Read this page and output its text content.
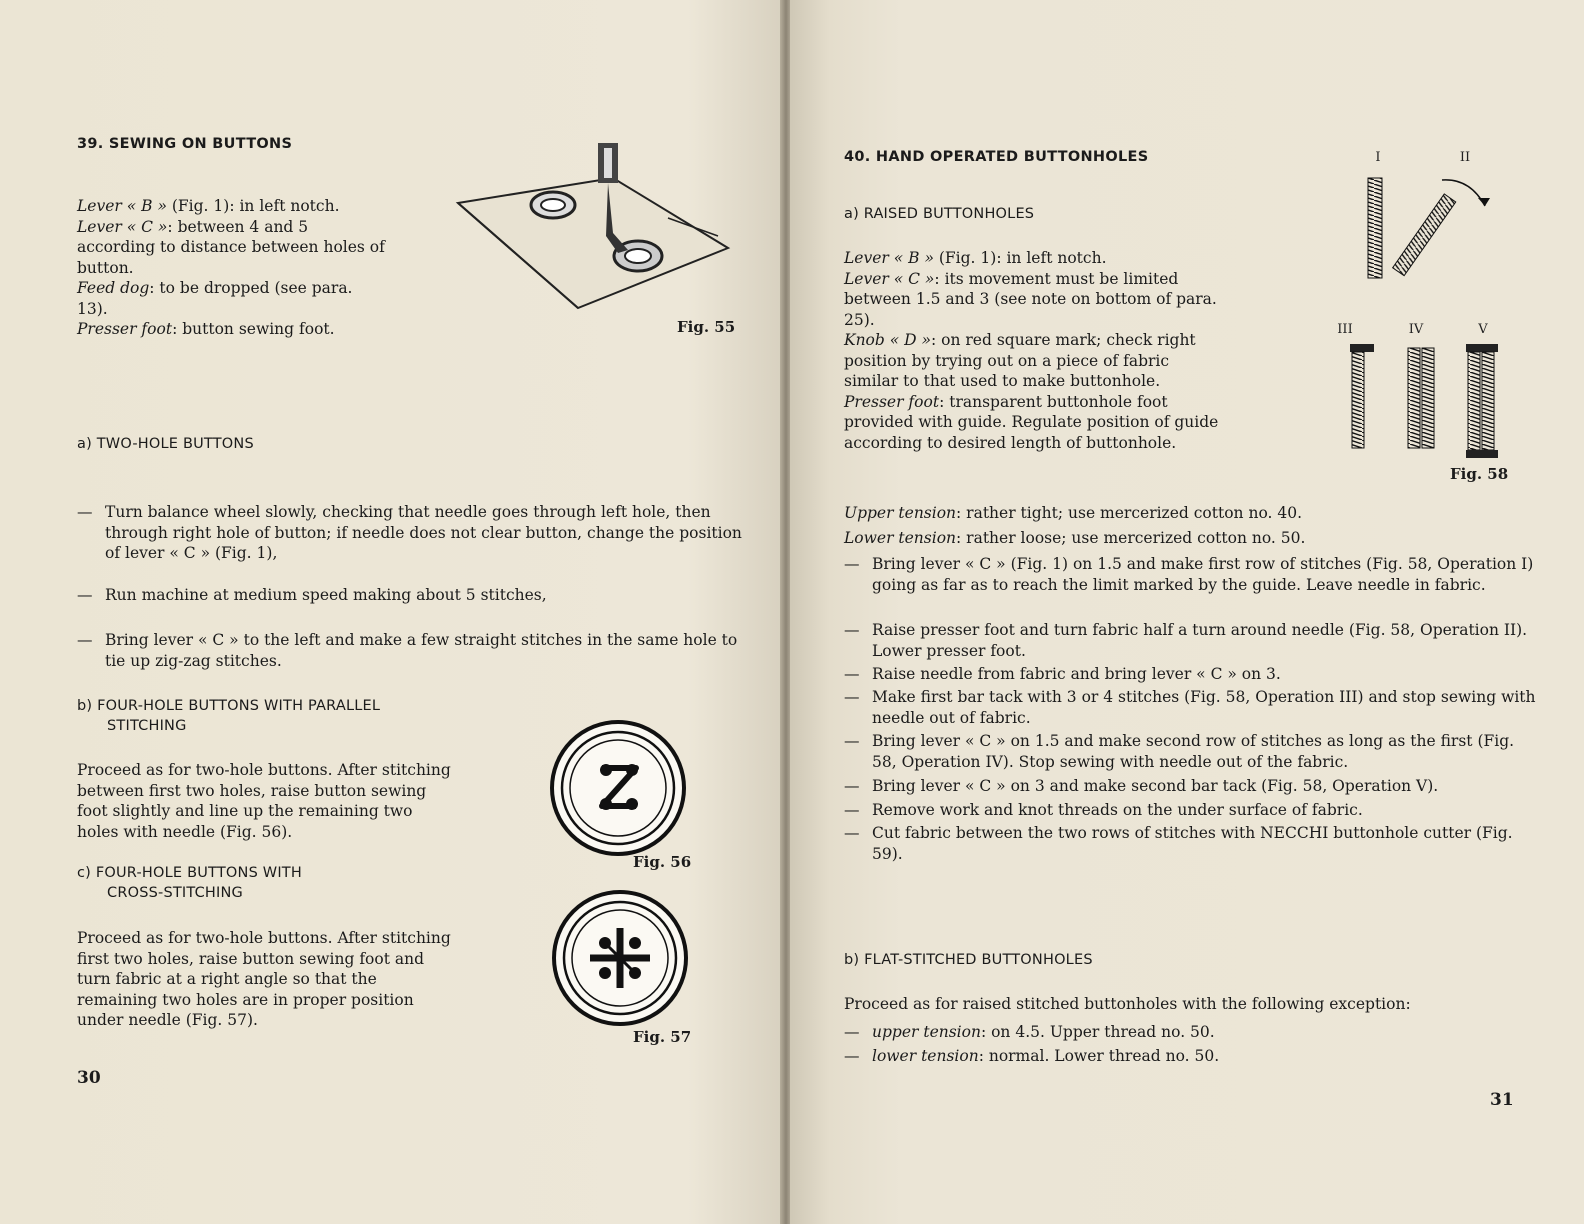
39. SEWING ON BUTTONS
Lever « B » (Fig. 1): in left notch.
Lever « C »: between 4 and 5 according to distance between holes of button.
Feed dog: to be dropped (see para. 13).
Presser foot: button sewing foot.	Fig. 55
a) TWO-HOLE BUTTONS
— Turn balance wheel slowly, checking that needle goes through left hole, then through right hole of button; if needle does not clear button, change the position of lever « C » (Fig. 1),
— Run machine at medium speed making about 5 stitches,
— Bring lever « C » to the left and make a few straight stitches in the same hole to tie up zig-zag stitches.
b) FOUR-HOLE BUTTONS WITH PARALLEL
STITCHING
Proceed as for two-hole buttons. After stitching between first two holes, raise button sewing foot slightly and line up the remaining two holes with needle (Fig. 56).
Fig. 56
c) FOUR-HOLE BUTTONS WITH
CROSS-STITCHING
Proceed as for two-hole buttons. After stitching first two holes, raise button sewing foot and turn fabric at a right angle so that the remaining two holes are in proper position under needle (Fig. 57).
Fig. 57
30
40. HAND OPERATED BUTTONHOLES
a) RAISED BUTTONHOLES
Lever « B » (Fig. 1): in left notch.
Lever « C »: its movement must be limited between 1.5 and 3 (see note on bottom of para. 25).
Knob « D »: on red square mark; check right position by trying out on a piece of fabric similar to that used to make buttonhole.
Presser foot: transparent buttonhole foot provided with guide. Regulate position of guide according to desired length of buttonhole.
I	II
III	IV	V
Fig. 58
Upper tension: rather tight; use mercerized cotton no. 40.
Lower tension: rather loose; use mercerized cotton no. 50.
— Bring lever « C » (Fig. 1) on 1.5 and make first row of stitches (Fig. 58, Operation I) going as far as to reach the limit marked by the guide. Leave needle in fabric.
— Raise presser foot and turn fabric half a turn around needle (Fig. 58, Operation II). Lower presser foot.
— Raise needle from fabric and bring lever « C » on 3.
— Make first bar tack with 3 or 4 stitches (Fig. 58, Operation III) and stop sewing with needle out of fabric.
— Bring lever « C » on 1.5 and make second row of stitches as long as the first (Fig. 58, Operation IV). Stop sewing with needle out of the fabric.
— Bring lever « C » on 3 and make second bar tack (Fig. 58, Operation V).
— Remove work and knot threads on the under surface of fabric.
— Cut fabric between the two rows of stitches with NECCHI buttonhole cutter (Fig. 59).
b) FLAT-STITCHED BUTTONHOLES
Proceed as for raised stitched buttonholes with the following exception:
— upper tension: on 4.5. Upper thread no. 50.
— lower tension: normal. Lower thread no. 50.
31
